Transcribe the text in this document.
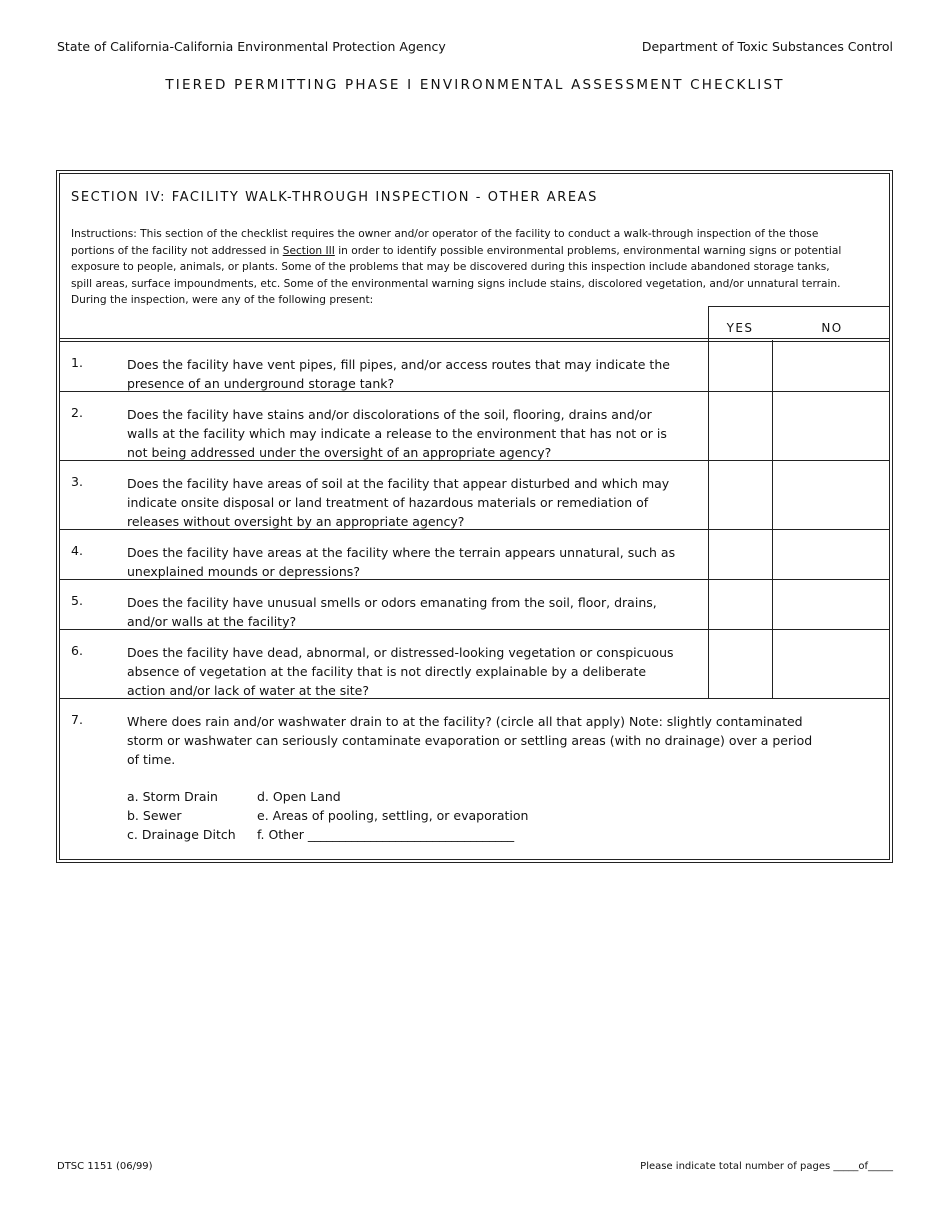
State of California-California Environmental Protection Agency	Department of Toxic Substances Control
TIERED PERMITTING PHASE I ENVIRONMENTAL ASSESSMENT CHECKLIST
SECTION IV: FACILITY WALK-THROUGH INSPECTION - OTHER AREAS
Instructions: This section of the checklist requires the owner and/or operator of the facility to conduct a walk-through inspection of the those portions of the facility not addressed in Section III in order to identify possible environmental problems, environmental warning signs or potential exposure to people, animals, or plants. Some of the problems that may be discovered during this inspection include abandoned storage tanks, spill areas, surface impoundments, etc. Some of the environmental warning signs include stains, discolored vegetation, and/or unnatural terrain. During the inspection, were any of the following present:
YES	NO
1.	Does the facility have vent pipes, fill pipes, and/or access routes that may indicate the presence of an underground storage tank?
2.	Does the facility have stains and/or discolorations of the soil, flooring, drains and/or walls at the facility which may indicate a release to the environment that has not or is not being addressed under the oversight of an appropriate agency?
3.	Does the facility have areas of soil at the facility that appear disturbed and which may indicate onsite disposal or land treatment of hazardous materials or remediation of releases without oversight by an appropriate agency?
4.	Does the facility have areas at the facility where the terrain appears unnatural, such as unexplained mounds or depressions?
5.	Does the facility have unusual smells or odors emanating from the soil, floor, drains, and/or walls at the facility?
6.	Does the facility have dead, abnormal, or distressed-looking vegetation or conspicuous absence of vegetation at the facility that is not directly explainable by a deliberate action and/or lack of water at the site?
7.	Where does rain and/or washwater drain to at the facility? (circle all that apply) Note: slightly contaminated storm or washwater can seriously contaminate evaporation or settling areas (with no drainage) over a period of time.
a. Storm Drain
b. Sewer
c. Drainage Ditch
d. Open Land
e. Areas of pooling, settling, or evaporation
f. Other _________________________________
DTSC 1151 (06/99)	Please indicate total number of pages _____of_____
